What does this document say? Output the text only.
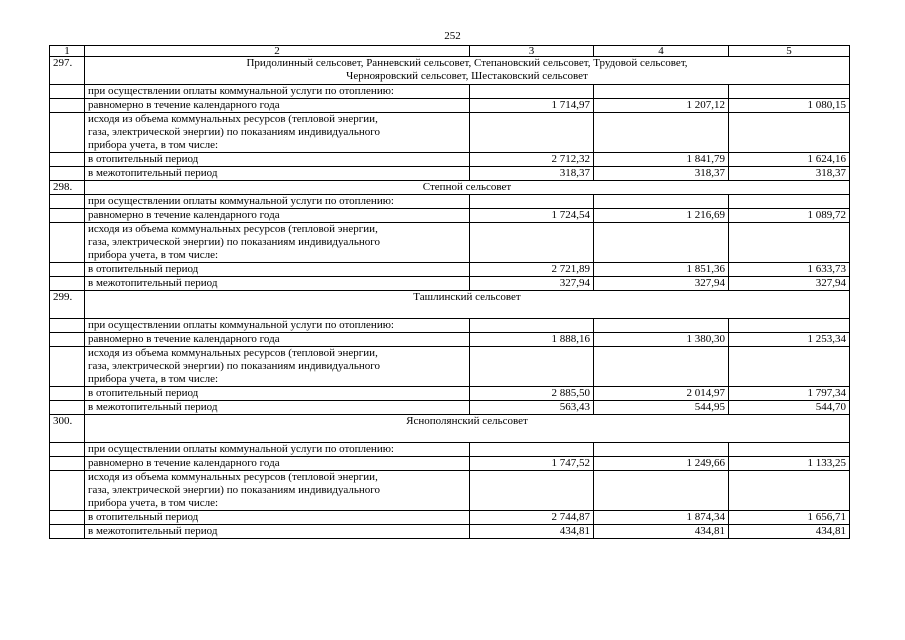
252
1	2	3	4	5
297.	Придолинный сельсовет, Ранневский сельсовет, Степановский сельсовет, Трудовой сельсовет,
Чернояровский сельсовет, Шестаковский сельсовет			

	при осуществлении оплаты коммунальной услуги по отоплению:			
	равномерно в течение календарного года	1 714,97	1 207,12	1 080,15

	исходя из объема коммунальных ресурсов (тепловой энергии,
газа, электрической энергии) по показаниям индивидуального
прибора учета, в том числе:			

	в отопительный период	2 712,32	1 841,79	1 624,16
	в межотопительный период	318,37	318,37	318,37
298.	Степной сельсовет			

	при осуществлении оплаты коммунальной услуги по отоплению:			
	равномерно в течение календарного года	1 724,54	1 216,69	1 089,72

	исходя из объема коммунальных ресурсов (тепловой энергии,
газа, электрической энергии) по показаниям индивидуального
прибора учета, в том числе:			

	в отопительный период	2 721,89	1 851,36	1 633,73
	в межотопительный период	327,94	327,94	327,94
299.	Ташлинский сельсовет			

	при осуществлении оплаты коммунальной услуги по отоплению:			
	равномерно в течение календарного года	1 888,16	1 380,30	1 253,34

	исходя из объема коммунальных ресурсов (тепловой энергии,
газа, электрической энергии) по показаниям индивидуального
прибора учета, в том числе:			

	в отопительный период	2 885,50	2 014,97	1 797,34
	в межотопительный период	563,43	544,95	544,70
300.	Яснополянский сельсовет			

	при осуществлении оплаты коммунальной услуги по отоплению:			
	равномерно в течение календарного года	1 747,52	1 249,66	1 133,25

	исходя из объема коммунальных ресурсов (тепловой энергии,
газа, электрической энергии) по показаниям индивидуального
прибора учета, в том числе:			

	в отопительный период	2 744,87	1 874,34	1 656,71
	в межотопительный период	434,81	434,81	434,81
